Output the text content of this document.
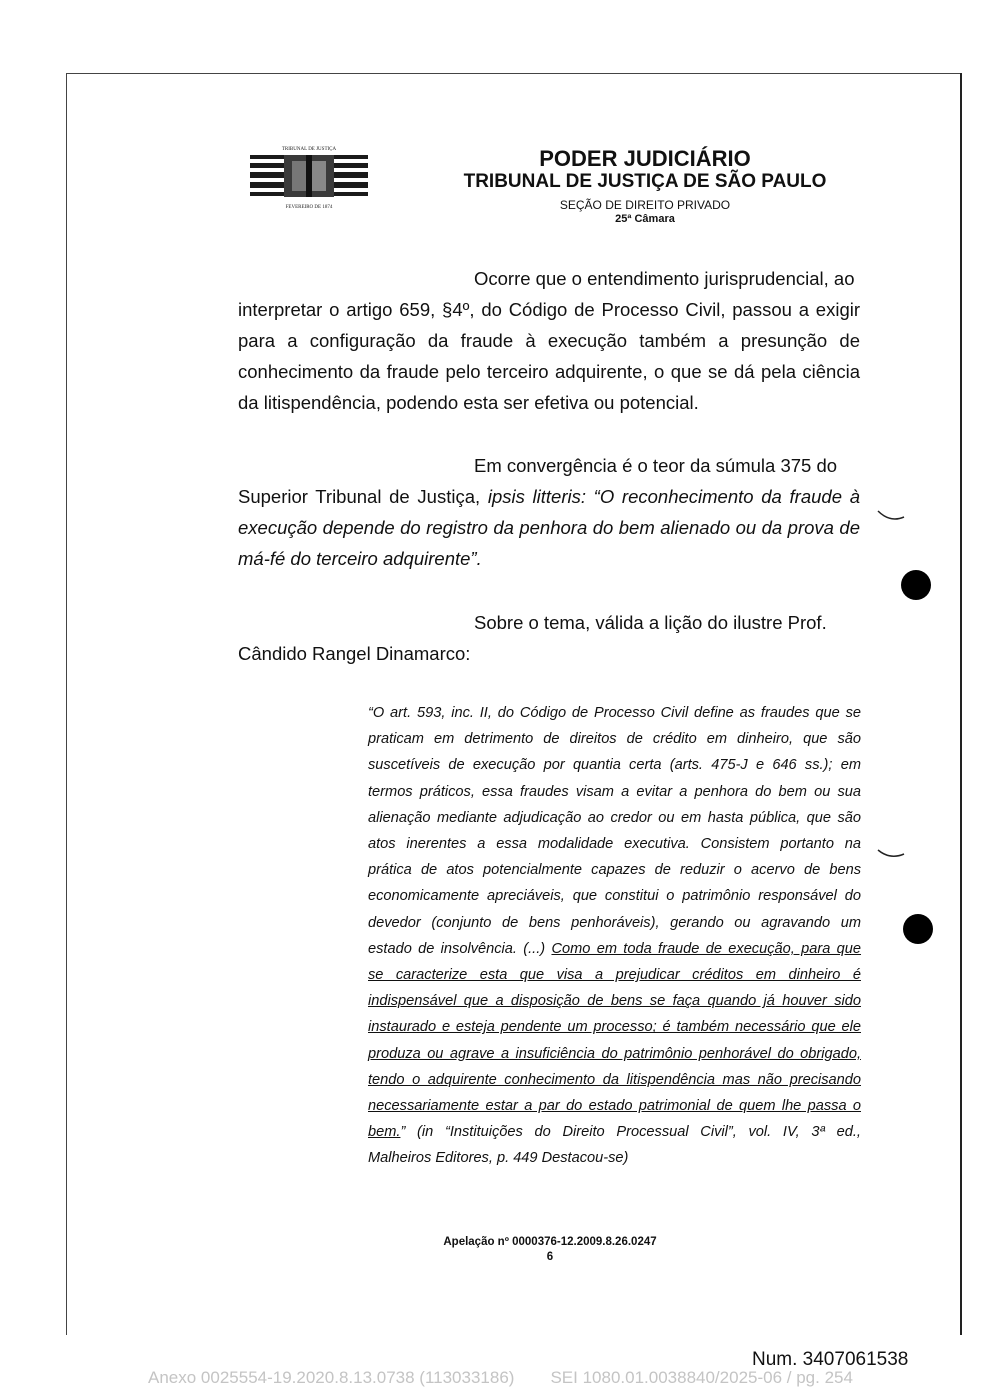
TRIBUNAL DE JUSTIÇA
FEVEREIRO DE 1874
PODER JUDICIÁRIO
TRIBUNAL DE JUSTIÇA DE SÃO PAULO
SEÇÃO DE DIREITO PRIVADO
25ª Câmara
Ocorre que o entendimento jurisprudencial, ao
interpretar o artigo 659, §4º, do Código de Processo Civil, passou a exigir
para a configuração da fraude à execução também a presunção de
conhecimento da fraude pelo terceiro adquirente, o que se dá pela ciência
da litispendência, podendo esta ser efetiva ou potencial.
Em convergência é o teor da súmula 375 do
Superior Tribunal de Justiça, ipsis litteris: “O reconhecimento da fraude à
execução depende do registro da penhora do bem alienado ou da prova de
má-fé do terceiro adquirente”.
Sobre o tema, válida a lição do ilustre Prof.
Cândido Rangel Dinamarco:
“O art. 593, inc. II, do Código de Processo Civil define as fraudes que se
praticam em detrimento de direitos de crédito em dinheiro, que são
suscetíveis de execução por quantia certa (arts. 475-J e 646 ss.); em
termos práticos, essa fraudes visam a evitar a penhora do bem ou sua
alienação mediante adjudicação ao credor ou em hasta pública, que são
atos inerentes a essa modalidade executiva. Consistem portanto na
prática de atos potencialmente capazes de reduzir o acervo de bens
economicamente apreciáveis, que constitui o patrimônio responsável do
devedor (conjunto de bens penhoráveis), gerando ou agravando um
estado de insolvência. (...) Como em toda fraude de execução, para que
se caracterize esta que visa a prejudicar créditos em dinheiro é
indispensável que a disposição de bens se faça quando já houver sido
instaurado e esteja pendente um processo; é também necessário que ele
produza ou agrave a insuficiência do patrimônio penhorável do obrigado,
tendo o adquirente conhecimento da litispendência mas não precisando
necessariamente estar a par do estado patrimonial de quem lhe passa o
bem.” (in “Instituições do Direito Processual Civil”, vol. IV, 3ª ed.,
Malheiros Editores, p. 449 Destacou-se)
Apelação nº 0000376-12.2009.8.26.0247
6
Num. 3407061538
Anexo 0025554-19.2020.8.13.0738 (113033186) SEI 1080.01.0038840/2025-06 / pg. 254
